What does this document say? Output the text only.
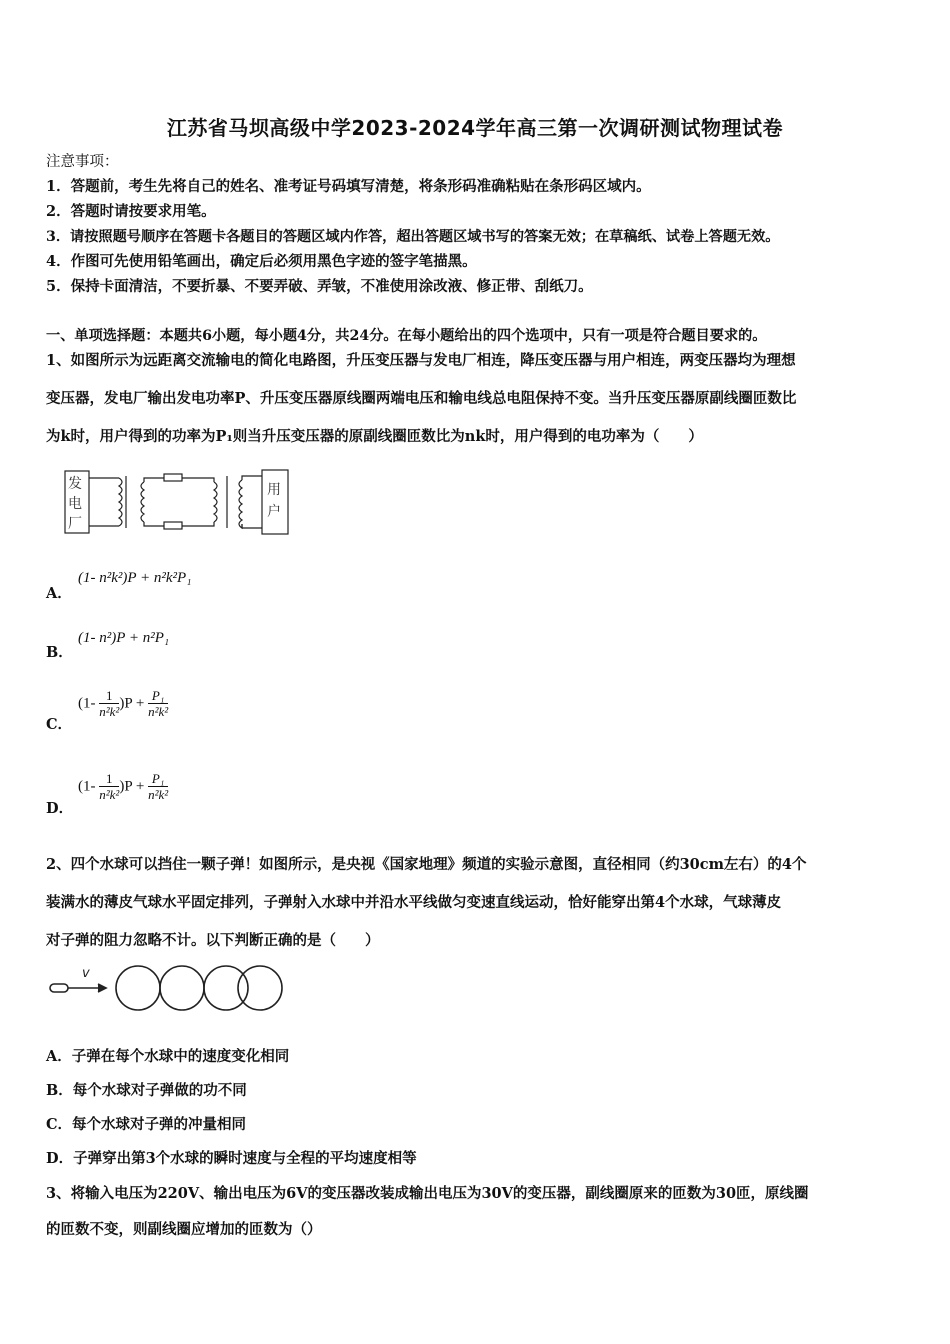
江苏省马坝高级中学2023-2024学年高三第一次调研测试物理试卷
注意事项：
1．答题前，考生先将自己的姓名、准考证号码填写清楚，将条形码准确粘贴在条形码区域内。
2．答题时请按要求用笔。
3．请按照题号顺序在答题卡各题目的答题区域内作答，超出答题区域书写的答案无效；在草稿纸、试卷上答题无效。
4．作图可先使用铅笔画出，确定后必须用黑色字迹的签字笔描黑。
5．保持卡面清洁，不要折暴、不要弄破、弄皱，不准使用涂改液、修正带、刮纸刀。
一、单项选择题：本题共6小题，每小题4分，共24分。在每小题给出的四个选项中，只有一项是符合题目要求的。
1、如图所示为远距离交流输电的简化电路图，升压变压器与发电厂相连，降压变压器与用户相连，两变压器均为理想
变压器，发电厂输出发电功率P、升压变压器原线圈两端电压和输电线总电阻保持不变。当升压变压器原副线圈匝数比
为k时，用户得到的功率为P₁则当升压变压器的原副线圈匝数比为nk时，用户得到的电功率为（　　）
发
电
厂
用
户
A．
(1- n²k²)P + n²k²P₁
B．
(1- n²)P + n²P₁
C．
$(1- \frac{1}{\text{n²k²}} )P + \frac{\text{P₁}}{\text{n²k²}}$
D．
$(1- \frac{1}{\text{n²k²}} )P + \frac{\text{P₁}}{\text{n²k²}}$
2、四个水球可以挡住一颗子弹！如图所示，是央视《国家地理》频道的实验示意图，直径相同（约30cm左右）的4个
装满水的薄皮气球水平固定排列，子弹射入水球中并沿水平线做匀变速直线运动，恰好能穿出第4个水球，气球薄皮
对子弹的阻力忽略不计。以下判断正确的是（　　）
v
A．子弹在每个水球中的速度变化相同
B．每个水球对子弹做的功不同
C．每个水球对子弹的冲量相同
D．子弹穿出第3个水球的瞬时速度与全程的平均速度相等
3、将输入电压为220V、输出电压为6V的变压器改装成输出电压为30V的变压器，副线圈原来的匝数为30匝，原线圈
的匝数不变，则副线圈应增加的匝数为（）
